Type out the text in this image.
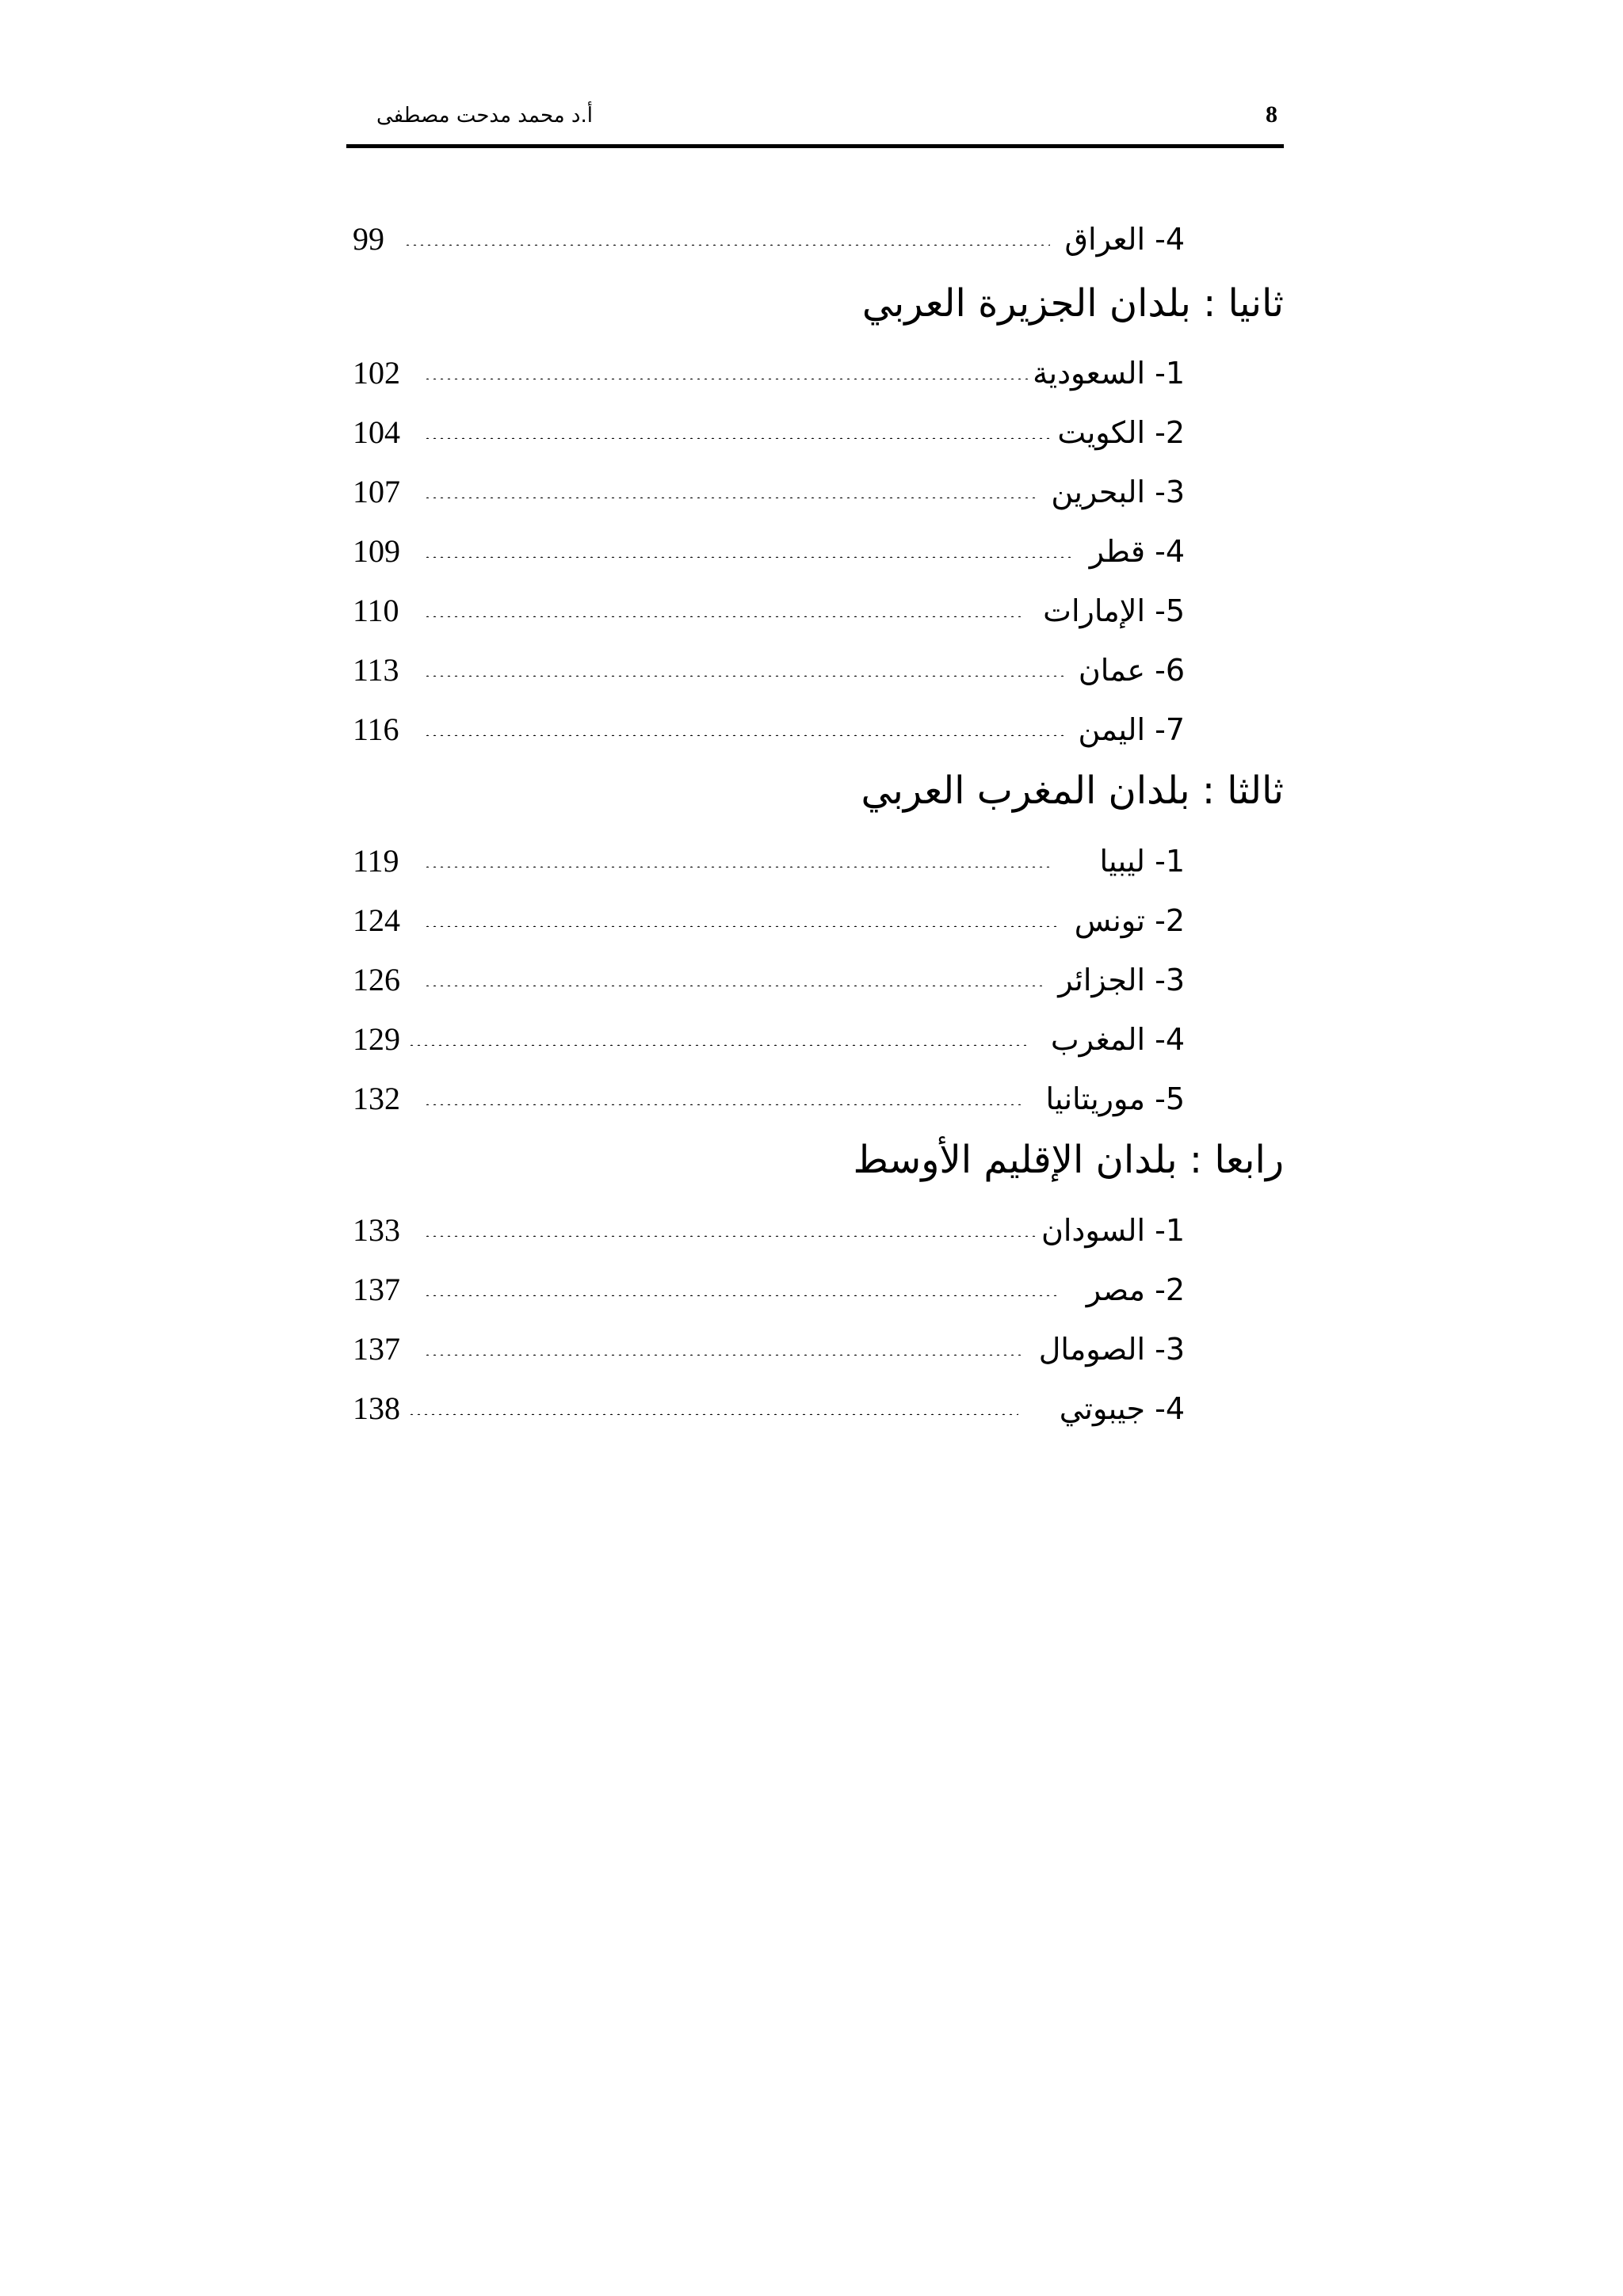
8
أ.د محمد مدحت مصطفى
99	4- العراق
ثانيا : بلدان الجزيرة العربي
102	1- السعودية
104	2- الكويت
107	3- البحرين
109	4- قطر
110	5- الإمارات
113	6- عمان
116	7- اليمن
ثالثا : بلدان المغرب العربي
119	1- ليبيا
124	2- تونس
126	3- الجزائر
129	4- المغرب
132	5- موريتانيا
رابعا : بلدان الإقليم الأوسط
133	1- السودان
137	2- مصر
137	3- الصومال
138	4- جيبوتي
